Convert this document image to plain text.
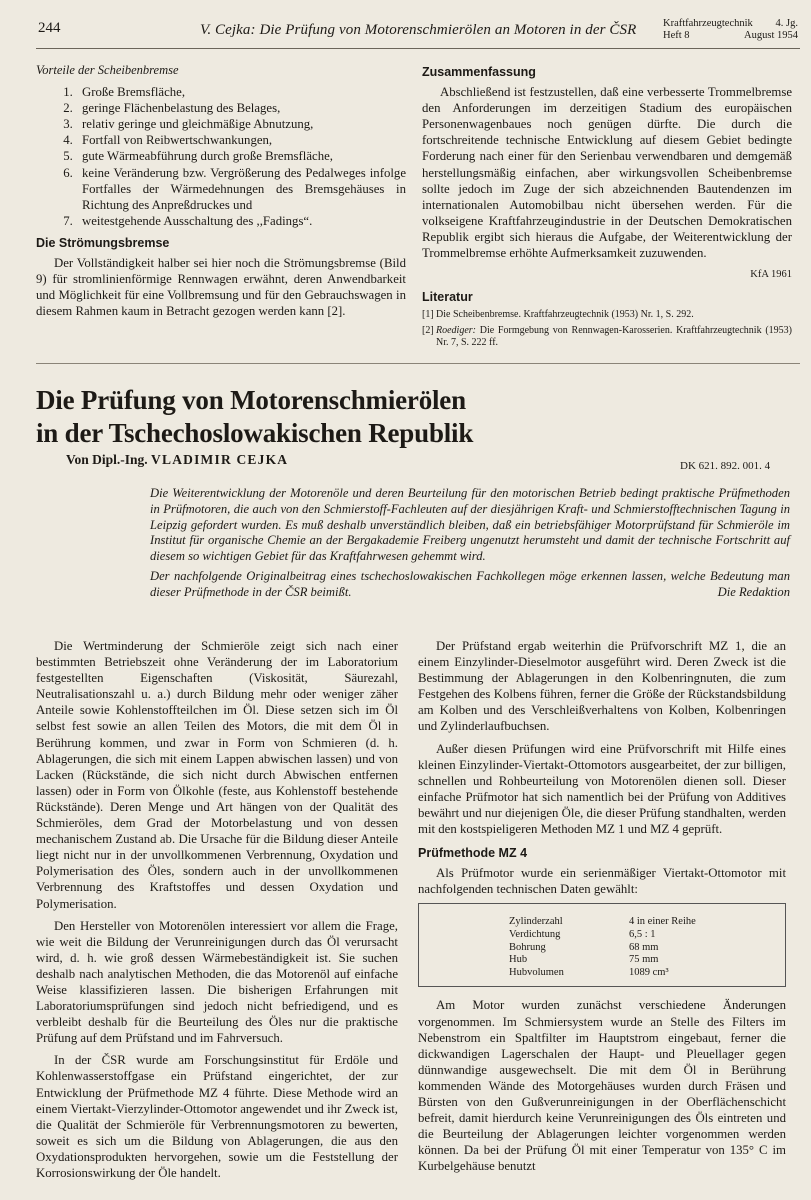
244	V. Cejka: Die Prüfung von Motorenschmierölen an Motoren in der ČSR	Kraftfahrzeugtechnik 4. Jg.
Heft 8	August 1954
Vorteile der Scheibenbremse
1. Große Bremsfläche,
2. geringe Flächenbelastung des Belages,
3. relativ geringe und gleichmäßige Abnutzung,
4. Fortfall von Reibwertschwankungen,
5. gute Wärmeabführung durch große Bremsfläche,
6. keine Veränderung bzw. Vergrößerung des Pedalweges infolge Fortfalles der Wärmedehnungen des Bremsgehäuses in Richtung des Anpreßdruckes und
7. weitestgehende Ausschaltung des ,,Fadings“.
Die Strömungsbremse

Der Vollständigkeit halber sei hier noch die Strömungsbremse (Bild 9) für stromlinienförmige Rennwagen erwähnt, deren Anwendbarkeit und Möglichkeit für eine Vollbremsung und für den Gebrauchswagen in diesem Rahmen kaum in Betracht gezogen werden kann [2].

Zusammenfassung

Abschließend ist festzustellen, daß eine verbesserte Trommelbremse den Anforderungen im derzeitigen Stadium des europäischen Personenwagenbaues noch genügen dürfte. Die durch die fortschreitende technische Entwicklung auf diesem Gebiet bedingte Forderung nach einer für den Serienbau verwendbaren und demgemäß herstellungsmäßig einfachen, aber wirkungsvollen Scheibenbremse sollte jedoch im Zuge der sich abzeichnenden Bautendenzen im internationalen Automobilbau nicht übersehen werden. Für die volkseigene Kraftfahrzeugindustrie in der Deutschen Demokratischen Republik ergibt sich hieraus die Aufgabe, der Weiterentwicklung der Trommelbremse erhöhte Aufmerksamkeit zuzuwenden.

KfA 1961
Literatur
[1] Die Scheibenbremse. Kraftfahrzeugtechnik (1953) Nr. 1, S. 292.
[2] Roediger: Die Formgebung von Rennwagen-Karosserien. Kraftfahrzeugtechnik (1953) Nr. 7, S. 222 ff.
Die Prüfung von Motorenschmierölen
in der Tschechoslowakischen Republik
Von Dipl.-Ing. VLADIMIR CEJKA	DK 621. 892. 001. 4

Die Weiterentwicklung der Motorenöle und deren Beurteilung für den motorischen Betrieb bedingt praktische Prüfmethoden in Prüfmotoren, die auch von den Schmierstoff-Fachleuten auf der diesjährigen Kraft- und Schmierstofftechnischen Tagung in Leipzig gefordert wurden. Es muß deshalb unverständlich bleiben, daß ein betriebsfähiger Motorprüfstand für Schmieröle im Institut für organische Chemie an der Bergakademie Freiberg ungenutzt herumsteht und damit der technische Fortschritt auf diesem so wichtigen Gebiet für das Kraftfahrwesen gehemmt wird.

Der nachfolgende Originalbeitrag eines tschechoslowakischen Fachkollegen möge erkennen lassen, welche Bedeutung man dieser Prüfmethode in der ČSR beimißt.	Die Redaktion

Die Wertminderung der Schmieröle zeigt sich nach einer bestimmten Betriebszeit ohne Veränderung der im Laboratorium festgestellten Eigenschaften (Viskosität, Säurezahl, Neutralisationszahl u. a.) durch Bildung mehr oder weniger zäher Anteile sowie Kohlenstoffteilchen im Öl. Diese setzen sich im Öl selbst fest sowie an allen Teilen des Motors, die mit dem Öl in Berührung kommen, und zwar in Form von Schmieren (d. h. Ablagerungen, die sich mit einem Lappen abwischen lassen) und von Lacken (Rückstände, die sich nicht durch Abwischen entfernen lassen) oder in Form von Ölkohle (feste, aus Kohlenstoff bestehende Rückstände). Deren Menge und Art hängen von der Qualität des Schmieröles, dem Grad der Motorbelastung und von dessen mechanischem Zustand ab. Die Ursache für die Bildung dieser Anteile liegt nicht nur in der unvollkommenen Verbrennung, Oxydation und Polymerisation des Öles, sondern auch in der unvollkommenen Verbrennung des Kraftstoffes und dessen Oxydation und Polymerisation.

Den Hersteller von Motorenölen interessiert vor allem die Frage, wie weit die Bildung der Verunreinigungen durch das Öl verursacht wird, d. h. wie groß dessen Wärmebeständigkeit ist. Sie suchen deshalb nach analytischen Methoden, die das Motorenöl auf einfache Weise klassifizieren lassen. Die bisherigen Erfahrungen mit Laboratoriumsprüfungen sind jedoch nicht befriedigend, und es verbleibt deshalb für die Beurteilung des Öles nur die praktische Prüfung auf dem Prüfstand und im Fahrversuch.

In der ČSR wurde am Forschungsinstitut für Erdöle und Kohlenwasserstoffgase ein Prüfstand eingerichtet, der zur Entwicklung der Prüfmethode MZ 4 führte. Diese Methode wird an einem Viertakt-Vierzylinder-Ottomotor angewendet und ihr Zweck ist, die Qualität der Schmieröle für Verbrennungsmotoren zu bewerten, soweit es sich um die Bildung von Ablagerungen, die aus den Oxydationsprodukten hervorgehen, sowie um die Feststellung der Korrosionswirkung der Öle handelt.

Der Prüfstand ergab weiterhin die Prüfvorschrift MZ 1, die an einem Einzylinder-Dieselmotor ausgeführt wird. Deren Zweck ist die Bestimmung der Ablagerungen in den Kolbenringnuten, die zum Festgehen des Kolbens führen, ferner die Größe der Rückstandsbildung am Kolben und des Verschleißverhaltens von Kolben, Kolbenringen und Zylinderlaufbuchsen.

Außer diesen Prüfungen wird eine Prüfvorschrift mit Hilfe eines kleinen Einzylinder-Viertakt-Ottomotors ausgearbeitet, der zur billigen, schnellen und Rohbeurteilung von Motorenölen dienen soll. Dieser einfache Prüfmotor hat sich namentlich bei der Prüfung von Additives bewährt und nur diejenigen Öle, die dieser Prüfung standhalten, werden mit den kostspieligeren Methoden MZ 1 und MZ 4 geprüft.

Prüfmethode MZ 4

Als Prüfmotor wurde ein serienmäßiger Viertakt-Ottomotor mit nachfolgenden technischen Daten gewählt:

Zylinderzahl	4 in einer Reihe
Verdichtung	6,5 : 1
Bohrung	68 mm
Hub	75 mm
Hubvolumen	1089 cm³

Am Motor wurden zunächst verschiedene Änderungen vorgenommen. Im Schmiersystem wurde an Stelle des Filters im Nebenstrom ein Spaltfilter im Hauptstrom eingebaut, ferner die dickwandigen Lagerschalen der Haupt- und Pleuellager gegen dünnwandige ausgewechselt. Die mit dem Öl in Berührung kommenden Wände des Motorgehäuses wurden durch Fräsen und Bürsten von den Gußverunreinigungen in der Oberflächenschicht befreit, damit hierdurch keine Verunreinigungen des Öls eintreten und die Beurteilung der Ablagerungen leichter vorgenommen werden können. Da bei der Prüfung Öl mit einer Temperatur von 135° C im Kurbelgehäuse benutzt
